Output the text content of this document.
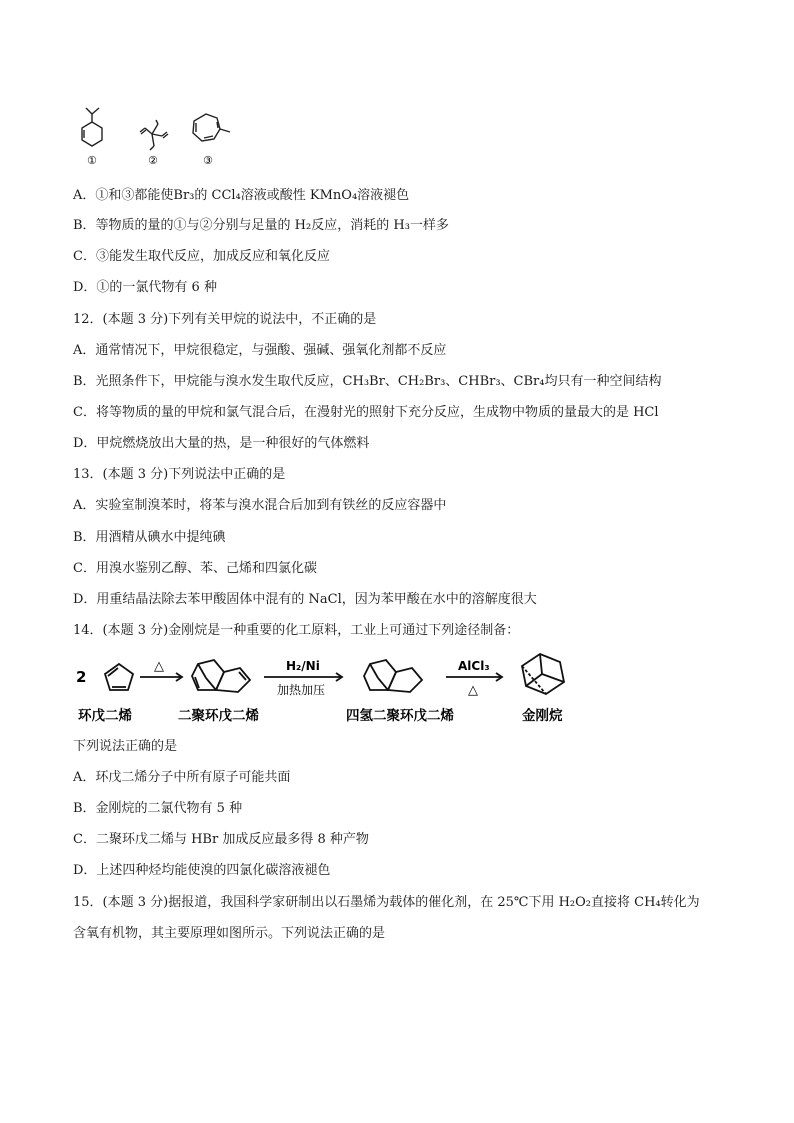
①	②	③
A．①和③都能使Br₃的 CCl₄溶液或酸性 KMnO₄溶液褪色
B．等物质的量的①与②分别与足量的 H₂反应，消耗的 H₃一样多
C．③能发生取代反应，加成反应和氧化反应
D．①的一氯代物有 6 种
12．(本题 3 分)下列有关甲烷的说法中，不正确的是
A．通常情况下，甲烷很稳定，与强酸、强碱、强氧化剂都不反应
B．光照条件下，甲烷能与溴水发生取代反应，CH₃Br、CH₂Br₃、CHBr₃、CBr₄均只有一种空间结构
C．将等物质的量的甲烷和氯气混合后，在漫射光的照射下充分反应，生成物中物质的量最大的是 HCl
D．甲烷燃烧放出大量的热，是一种很好的气体燃料
13．(本题 3 分)下列说法中正确的是
A．实验室制溴苯时，将苯与溴水混合后加到有铁丝的反应容器中
B．用酒精从碘水中提纯碘
C．用溴水鉴别乙醇、苯、己烯和四氯化碳
D．用重结晶法除去苯甲酸固体中混有的 NaCl，因为苯甲酸在水中的溶解度很大
14．(本题 3 分)金刚烷是一种重要的化工原料，工业上可通过下列途径制备：
2
△	H₂/Ni
加热加压
AlCl₃
△
环戊二烯	二聚环戊二烯	四氢二聚环戊二烯	金刚烷
下列说法正确的是
A．环戊二烯分子中所有原子可能共面
B．金刚烷的二氯代物有 5 种
C．二聚环戊二烯与 HBr 加成反应最多得 8 种产物
D．上述四种烃均能使溴的四氯化碳溶液褪色
15．(本题 3 分)据报道，我国科学家研制出以石墨烯为载体的催化剂，在 25℃下用 H₂O₂直接将 CH₄转化为
含氧有机物，其主要原理如图所示。下列说法正确的是
